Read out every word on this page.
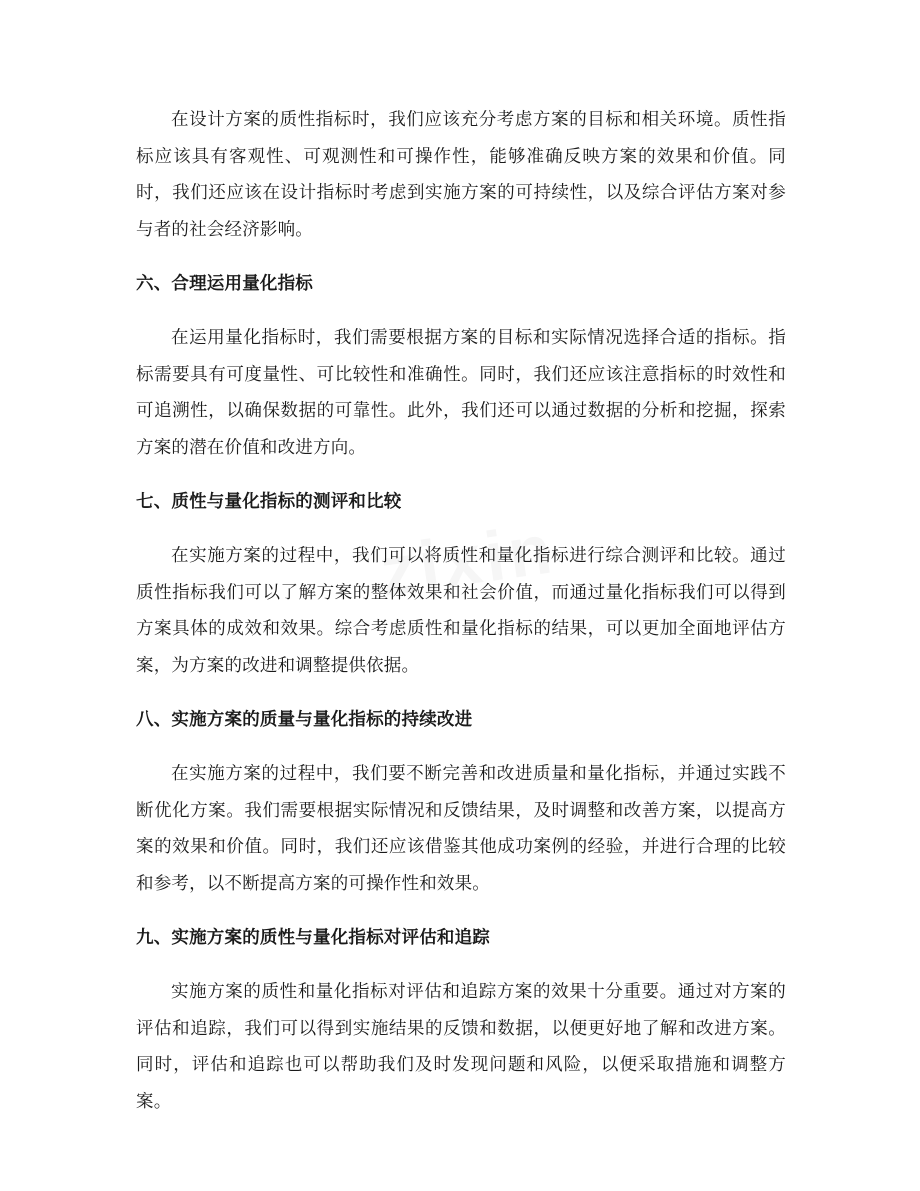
在设计方案的质性指标时，我们应该充分考虑方案的目标和相关环境。质性指标应该具有客观性、可观测性和可操作性，能够准确反映方案的效果和价值。同时，我们还应该在设计指标时考虑到实施方案的可持续性，以及综合评估方案对参与者的社会经济影响。

六、合理运用量化指标

在运用量化指标时，我们需要根据方案的目标和实际情况选择合适的指标。指标需要具有可度量性、可比较性和准确性。同时，我们还应该注意指标的时效性和可追溯性，以确保数据的可靠性。此外，我们还可以通过数据的分析和挖掘，探索方案的潜在价值和改进方向。

七、质性与量化指标的测评和比较

在实施方案的过程中，我们可以将质性和量化指标进行综合测评和比较。通过质性指标我们可以了解方案的整体效果和社会价值，而通过量化指标我们可以得到方案具体的成效和效果。综合考虑质性和量化指标的结果，可以更加全面地评估方案，为方案的改进和调整提供依据。

八、实施方案的质量与量化指标的持续改进

在实施方案的过程中，我们要不断完善和改进质量和量化指标，并通过实践不断优化方案。我们需要根据实际情况和反馈结果，及时调整和改善方案，以提高方案的效果和价值。同时，我们还应该借鉴其他成功案例的经验，并进行合理的比较和参考，以不断提高方案的可操作性和效果。

九、实施方案的质性与量化指标对评估和追踪

实施方案的质性和量化指标对评估和追踪方案的效果十分重要。通过对方案的评估和追踪，我们可以得到实施结果的反馈和数据，以便更好地了解和改进方案。同时，评估和追踪也可以帮助我们及时发现问题和风险，以便采取措施和调整方案。
